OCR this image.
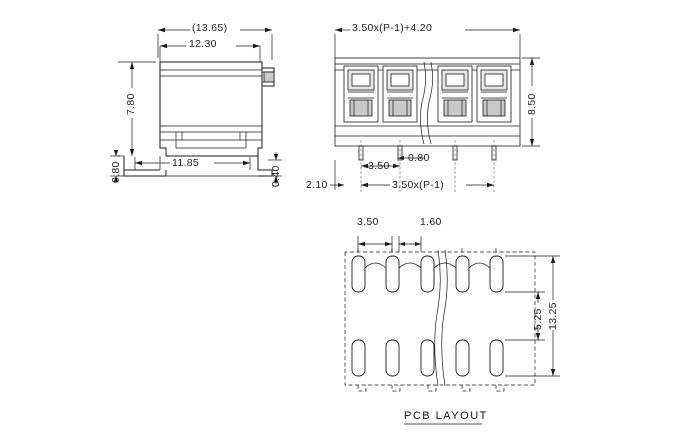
(13.65)
12.30
7.80
0.80	11.85
0.40
3.50x(P-1)+4.20
8.50
3.50
0.80
2.10	3.50x(P-1)
3.50	1.60
5.25 13.25
PCB LAYOUT
